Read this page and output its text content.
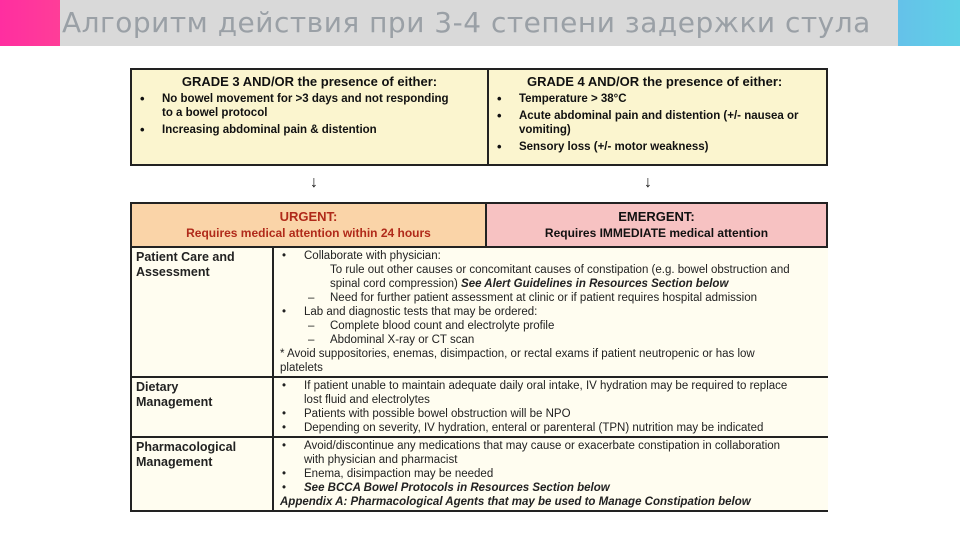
Алгоритм действия при 3-4 степени задержки стула
GRADE 3 AND/OR the presence of either:
• No bowel movement for >3 days and not responding
to a bowel protocol
• Increasing abdominal pain & distention
GRADE 4 AND/OR the presence of either:
• Temperature > 38°C
• Acute abdominal pain and distention (+/- nausea or
vomiting)
• Sensory loss (+/- motor weakness)
↓	↓
URGENT:
Requires medical attention within 24 hours
EMERGENT:
Requires IMMEDIATE medical attention
Patient Care and
Assessment
• Collaborate with physician:
To rule out other causes or concomitant causes of constipation (e.g. bowel obstruction and
spinal cord compression) See Alert Guidelines in Resources Section below
– Need for further patient assessment at clinic or if patient requires hospital admission
• Lab and diagnostic tests that may be ordered:
– Complete blood count and electrolyte profile
– Abdominal X-ray or CT scan
* Avoid suppositories, enemas, disimpaction, or rectal exams if patient neutropenic or has low
platelets
Dietary
Management
• If patient unable to maintain adequate daily oral intake, IV hydration may be required to replace
lost fluid and electrolytes
• Patients with possible bowel obstruction will be NPO
• Depending on severity, IV hydration, enteral or parenteral (TPN) nutrition may be indicated
Pharmacological
Management
• Avoid/discontinue any medications that may cause or exacerbate constipation in collaboration
with physician and pharmacist
• Enema, disimpaction may be needed
• See BCCA Bowel Protocols in Resources Section below
Appendix A: Pharmacological Agents that may be used to Manage Constipation below
